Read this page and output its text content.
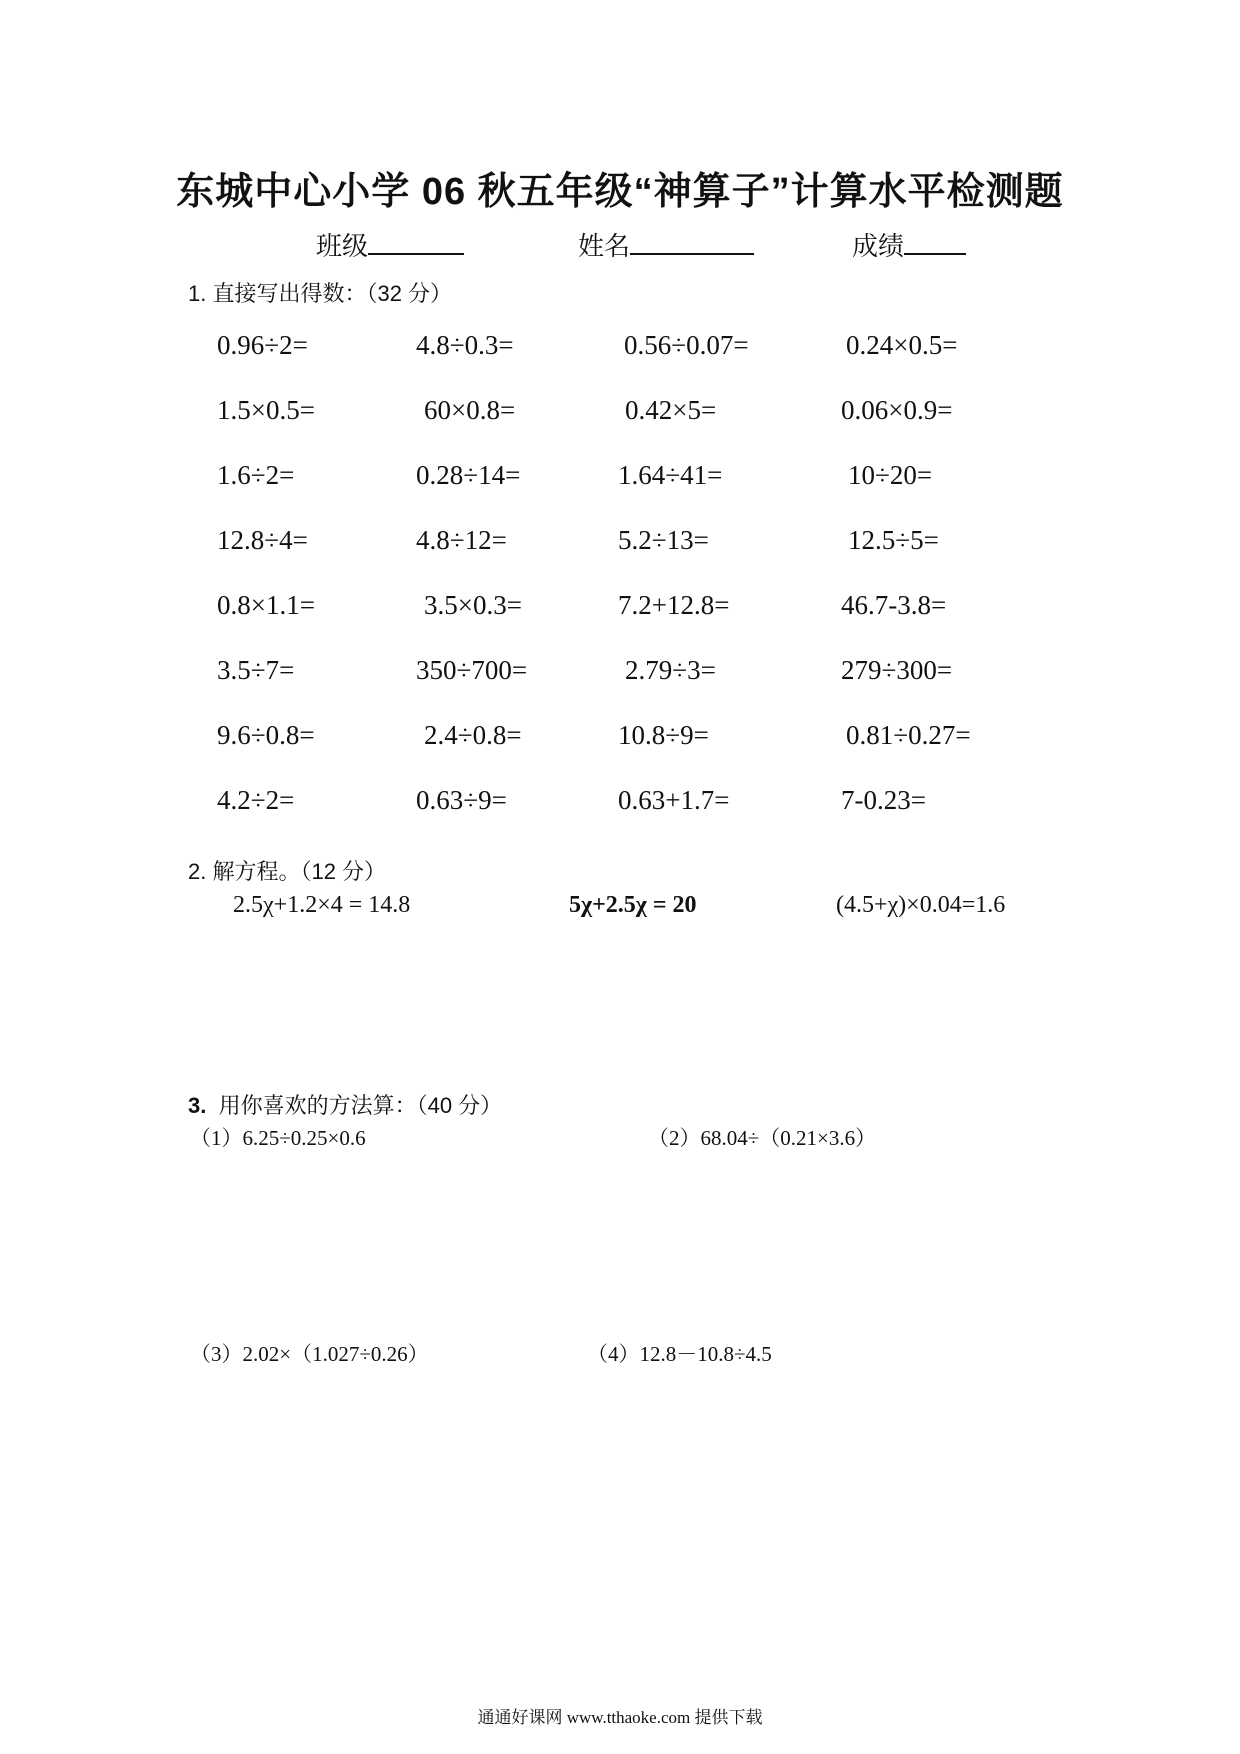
东城中心小学 06 秋五年级“神算子”计算水平检测题
班级	姓名	成绩
1. 直接写出得数：（32 分）
0.96÷2=	4.8÷0.3=	0.56÷0.07=	0.24×0.5=
1.5×0.5=	60×0.8=	0.42×5=	0.06×0.9=
1.6÷2=	0.28÷14=	1.64÷41=	10÷20=
12.8÷4=	4.8÷12=	5.2÷13=	12.5÷5=
0.8×1.1=	3.5×0.3=	7.2+12.8=	46.7-3.8=
3.5÷7=	350÷700=	2.79÷3=	279÷300=
9.6÷0.8=	2.4÷0.8=	10.8÷9=	0.81÷0.27=
4.2÷2=	0.63÷9=	0.63+1.7=	7-0.23=
2. 解方程。（12 分）
2.5χ+1.2×4 = 14.8	5χ+2.5χ = 20	(4.5+χ)×0.04=1.6
3. 用你喜欢的方法算：（40 分）
（1）6.25÷0.25×0.6	（2）68.04÷（0.21×3.6）
（3）2.02×（1.027÷0.26）	（4）12.8－10.8÷4.5
通通好课网 www.tthaoke.com 提供下载
